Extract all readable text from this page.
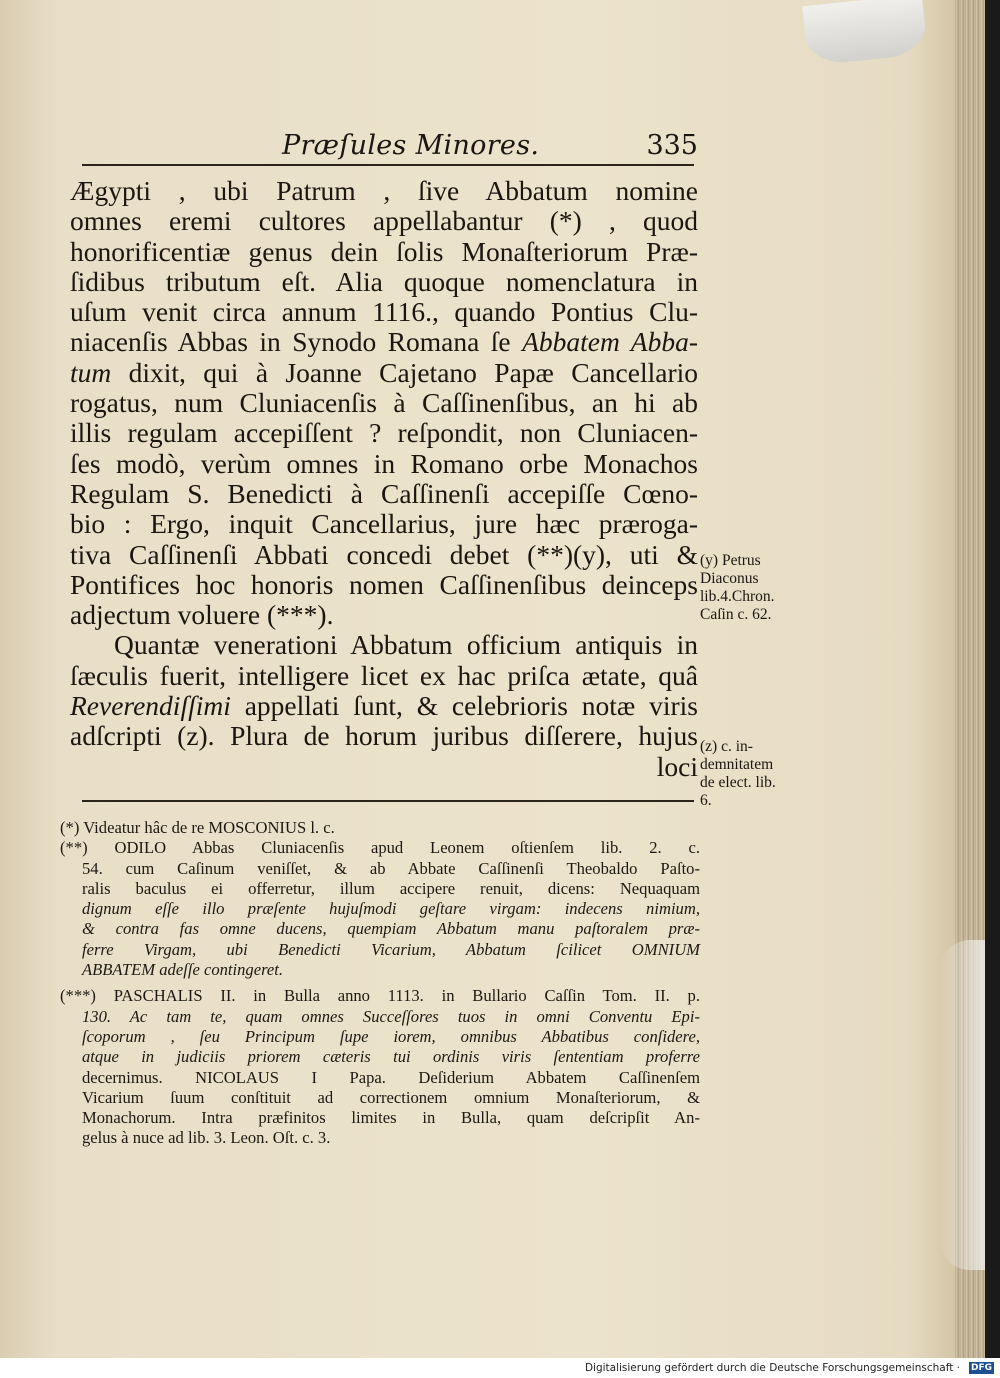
Præſules Minores.	335
Ægypti , ubi Patrum , ſive Abbatum nomine
omnes eremi cultores appellabantur (*) , quod
honorificentiæ genus dein ſolis Monaſteriorum Præ-
ſidibus tributum eſt. Alia quoque nomenclatura in
uſum venit circa annum 1116., quando Pontius Clu-
niacenſis Abbas in Synodo Romana ſe Abbatem Abba-
tum dixit, qui à Joanne Cajetano Papæ Cancellario
rogatus, num Cluniacenſis à Caſſinenſibus, an hi ab
illis regulam accepiſſent ? reſpondit, non Cluniacen-
ſes modò, verùm omnes in Romano orbe Monachos
Regulam S. Benedicti à Caſſinenſi accepiſſe Cœno-
bio : Ergo, inquit Cancellarius, jure hæc præroga-
tiva Caſſinenſi Abbati concedi debet (**)(y), uti &
Pontifices hoc honoris nomen Caſſinenſibus deinceps
adjectum voluere (***).
Quantæ venerationi Abbatum officium antiquis in
ſæculis fuerit, intelligere licet ex hac priſca ætate, quâ
Reverendiſſimi appellati ſunt, & celebrioris notæ viris
adſcripti (z). Plura de horum juribus diſſerere, hujus
loci
(y) Petrus
Diaconus
lib.4.Chron.
Caſin c. 62.
(z) c. in-
demnitatem
de elect. lib.
6.
(*) Videatur hâc de re MOSCONIUS l. c.
(**) ODILO Abbas Cluniacenſis apud Leonem oſtienſem lib. 2. c.
54. cum Caſinum veniſſet, & ab Abbate Caſſinenſi Theobaldo Paſto-
ralis baculus ei offerretur, illum accipere renuit, dicens: Nequaquam
dignum eſſe illo præſente hujuſmodi geſtare virgam: indecens nimium,
& contra fas omne ducens, quempiam Abbatum manu paſtoralem præ-
ferre Virgam, ubi Benedicti Vicarium, Abbatum ſcilicet OMNIUM
ABBATEM adeſſe contingeret.
(***) PASCHALIS II. in Bulla anno 1113. in Bullario Caſſin Tom. II. p.
130. Ac tam te, quam omnes Succeſſores tuos in omni Conventu Epi-
ſcoporum , ſeu Principum ſupe iorem, omnibus Abbatibus conſidere,
atque in judiciis priorem cæteris tui ordinis viris ſententiam proferre
decernimus. NICOLAUS I Papa. Deſiderium Abbatem Caſſinenſem
Vicarium ſuum conſtituit ad correctionem omnium Monaſteriorum, &
Monachorum. Intra præfinitos limites in Bulla, quam deſcripſit An-
gelus à nuce ad lib. 3. Leon. Oſt. c. 3.
Digitalisierung gefördert durch die Deutsche Forschungsgemeinschaft · DFG
